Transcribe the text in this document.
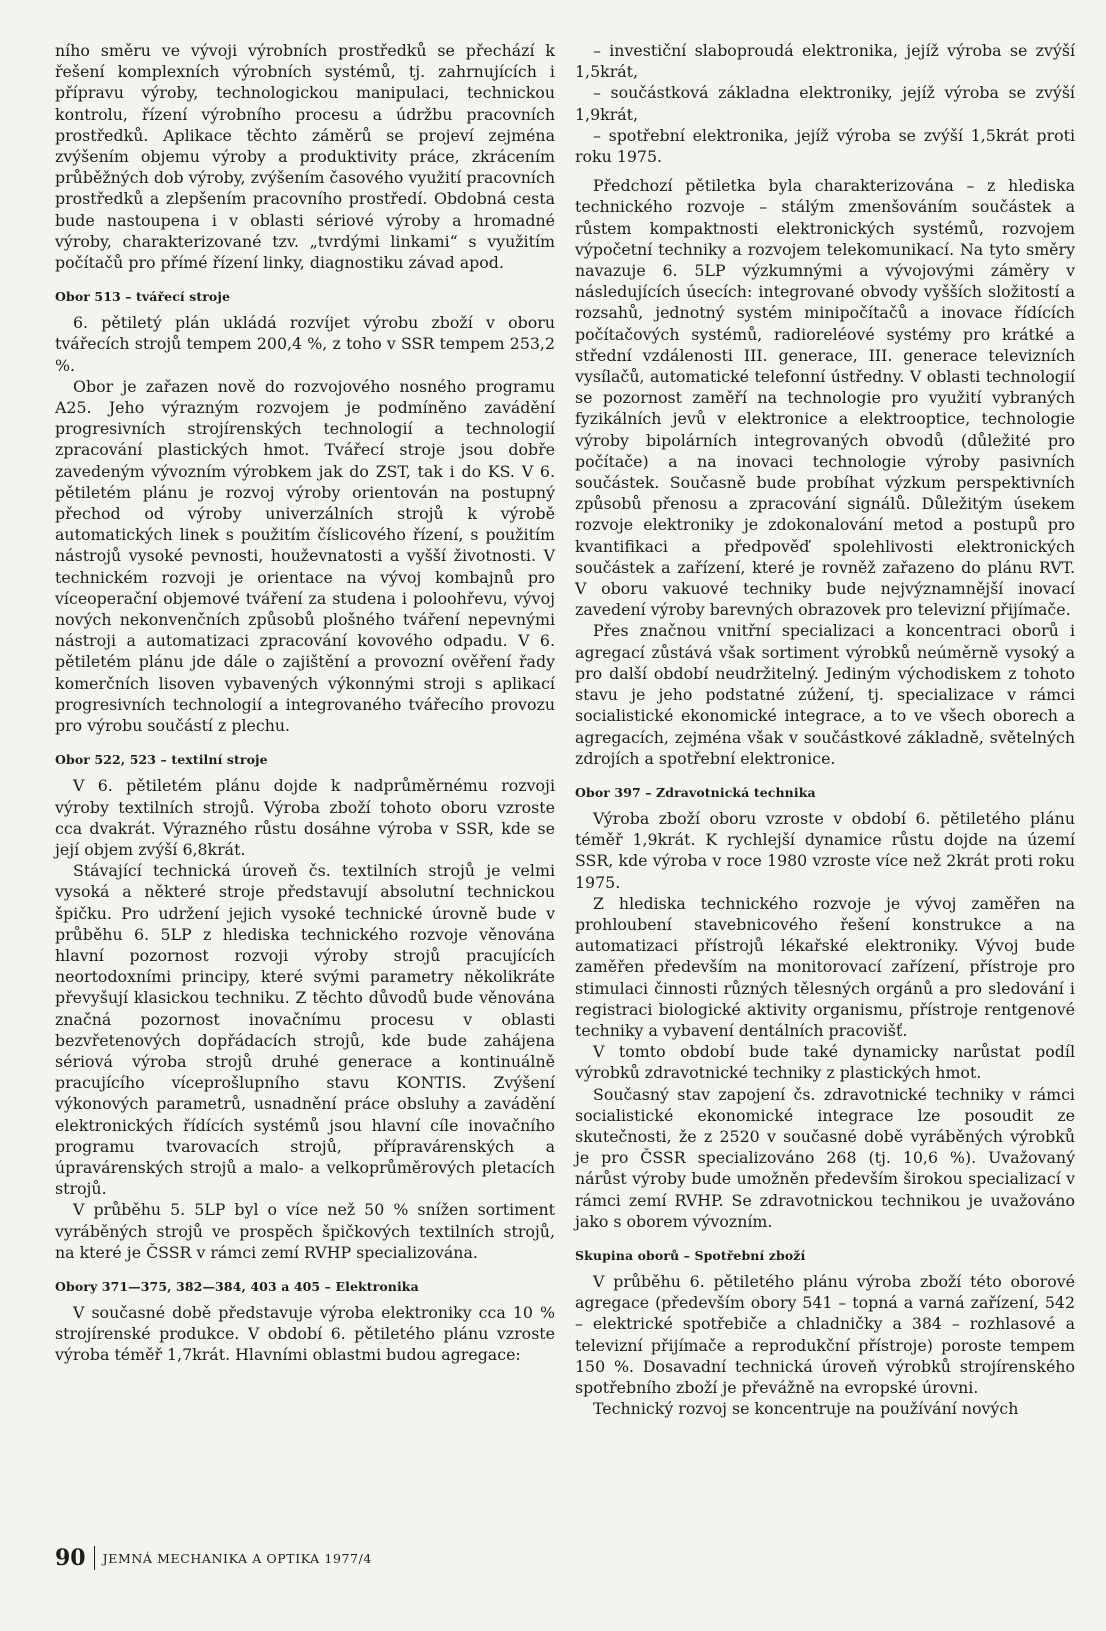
ního směru ve vývoji výrobních prostředků se přechází k řešení komplexních výrobních systémů, tj. zahrnujících i přípravu výroby, technologickou manipulaci, technickou kontrolu, řízení výrobního procesu a údržbu pracovních prostředků. Aplikace těchto záměrů se projeví zejména zvýšením objemu výroby a produktivity práce, zkrácením průběžných dob výroby, zvýšením časového využití pracovních prostředků a zlepšením pracovního prostředí. Obdobná cesta bude nastoupena i v oblasti sériové výroby a hromadné výroby, charakterizované tzv. „tvrdými linkami“ s využitím počítačů pro přímé řízení linky, diagnostiku závad apod.

Obor 513 – tvářecí stroje

6. pětiletý plán ukládá rozvíjet výrobu zboží v oboru tvářecích strojů tempem 200,4 %, z toho v SSR tempem 253,2 %.

Obor je zařazen nově do rozvojového nosného programu A25. Jeho výrazným rozvojem je podmíněno zavádění progresivních strojírenských technologií a technologií zpracování plastických hmot. Tvářecí stroje jsou dobře zavedeným vývozním výrobkem jak do ZST, tak i do KS. V 6. pětiletém plánu je rozvoj výroby orientován na postupný přechod od výroby univerzálních strojů k výrobě automatických linek s použitím číslicového řízení, s použitím nástrojů vysoké pevnosti, houževnatosti a vyšší životnosti. V technickém rozvoji je orientace na vývoj kombajnů pro víceoperační objemové tváření za studena i poloohřevu, vývoj nových nekonvenčních způsobů plošného tváření nepevnými nástroji a automatizaci zpracování kovového odpadu. V 6. pětiletém plánu jde dále o zajištění a provozní ověření řady komerčních lisoven vybavených výkonnými stroji s aplikací progresivních technologií a integrovaného tvářecího provozu pro výrobu součástí z plechu.

Obor 522, 523 – textilní stroje

V 6. pětiletém plánu dojde k nadprůměrnému rozvoji výroby textilních strojů. Výroba zboží tohoto oboru vzroste cca dvakrát. Výrazného růstu dosáhne výroba v SSR, kde se její objem zvýší 6,8krát.

Stávající technická úroveň čs. textilních strojů je velmi vysoká a některé stroje představují absolutní technickou špičku. Pro udržení jejich vysoké technické úrovně bude v průběhu 6. 5LP z hlediska technického rozvoje věnována hlavní pozornost rozvoji výroby strojů pracujících neortodoxními principy, které svými parametry několikráte převyšují klasickou techniku. Z těchto důvodů bude věnována značná pozornost inovačnímu procesu v oblasti bezvřetenových dopřádacích strojů, kde bude zahájena sériová výroba strojů druhé generace a kontinuálně pracujícího víceprošlupního stavu KONTIS. Zvýšení výkonových parametrů, usnadnění práce obsluhy a zavádění elektronických řídících systémů jsou hlavní cíle inovačního programu tvarovacích strojů, přípravárenských a úpravárenských strojů a malo- a velkoprůměrových pletacích strojů.

V průběhu 5. 5LP byl o více než 50 % snížen sortiment vyráběných strojů ve prospěch špičkových textilních strojů, na které je ČSSR v rámci zemí RVHP specializována.

Obory 371—375, 382—384, 403 a 405 – Elektronika

V současné době představuje výroba elektroniky cca 10 % strojírenské produkce. V období 6. pětiletého plánu vzroste výroba téměř 1,7krát. Hlavními oblastmi budou agregace:

– investiční slaboproudá elektronika, jejíž výroba se zvýší 1,5krát,

– součástková základna elektroniky, jejíž výroba se zvýší 1,9krát,

– spotřební elektronika, jejíž výroba se zvýší 1,5krát proti roku 1975.

Předchozí pětiletka byla charakterizována – z hlediska technického rozvoje – stálým zmenšováním součástek a růstem kompaktnosti elektronických systémů, rozvojem výpočetní techniky a rozvojem telekomunikací. Na tyto směry navazuje 6. 5LP výzkumnými a vývojovými záměry v následujících úsecích: integrované obvody vyšších složitostí a rozsahů, jednotný systém minipočítačů a inovace řídících počítačových systémů, radioreléové systémy pro krátké a střední vzdálenosti III. generace, III. generace televizních vysílačů, automatické telefonní ústředny. V oblasti technologií se pozornost zaměří na technologie pro využití vybraných fyzikálních jevů v elektronice a elektrooptice, technologie výroby bipolárních integrovaných obvodů (důležité pro počítače) a na inovaci technologie výroby pasivních součástek. Současně bude probíhat výzkum perspektivních způsobů přenosu a zpracování signálů. Důležitým úsekem rozvoje elektroniky je zdokonalování metod a postupů pro kvantifikaci a předpověď spolehlivosti elektronických součástek a zařízení, které je rovněž zařazeno do plánu RVT. V oboru vakuové techniky bude nejvýznamnější inovací zavedení výroby barevných obrazovek pro televizní přijímače.

Přes značnou vnitřní specializaci a koncentraci oborů i agregací zůstává však sortiment výrobků neúměrně vysoký a pro další období neudržitelný. Jediným východiskem z tohoto stavu je jeho podstatné zúžení, tj. specializace v rámci socialistické ekonomické integrace, a to ve všech oborech a agregacích, zejména však v součástkové základně, světelných zdrojích a spotřební elektronice.

Obor 397 – Zdravotnická technika

Výroba zboží oboru vzroste v období 6. pětiletého plánu téměř 1,9krát. K rychlejší dynamice růstu dojde na území SSR, kde výroba v roce 1980 vzroste více než 2krát proti roku 1975.

Z hlediska technického rozvoje je vývoj zaměřen na prohloubení stavebnicového řešení konstrukce a na automatizaci přístrojů lékařské elektroniky. Vývoj bude zaměřen především na monitorovací zařízení, přístroje pro stimulaci činnosti různých tělesných orgánů a pro sledování i registraci biologické aktivity organismu, přístroje rentgenové techniky a vybavení dentálních pracovišť.

V tomto období bude také dynamicky narůstat podíl výrobků zdravotnické techniky z plastických hmot.

Současný stav zapojení čs. zdravotnické techniky v rámci socialistické ekonomické integrace lze posoudit ze skutečnosti, že z 2520 v současné době vyráběných výrobků je pro ČSSR specializováno 268 (tj. 10,6 %). Uvažovaný nárůst výroby bude umožněn především širokou specializací v rámci zemí RVHP. Se zdravotnickou technikou je uvažováno jako s oborem vývozním.

Skupina oborů – Spotřební zboží

V průběhu 6. pětiletého plánu výroba zboží této oborové agregace (především obory 541 – topná a varná zařízení, 542 – elektrické spotřebiče a chladničky a 384 – rozhlasové a televizní přijímače a reprodukční přístroje) poroste tempem 150 %. Dosavadní technická úroveň výrobků strojírenského spotřebního zboží je převážně na evropské úrovni.

Technický rozvoj se koncentruje na používání nových

90 JEMNÁ MECHANIKA A OPTIKA 1977/4
